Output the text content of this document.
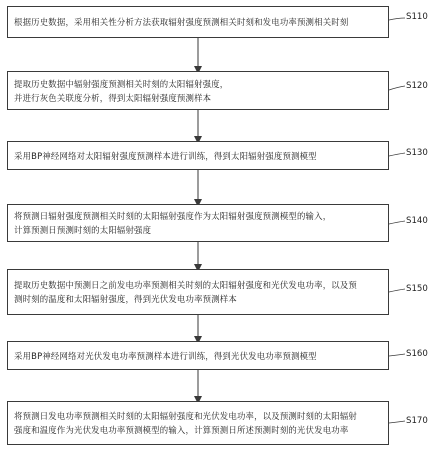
根据历史数据，采用相关性分析方法获取辐射强度预测相关时刻和发电功率预测相关时刻	S110
提取历史数据中辐射强度预测相关时刻的太阳辐射强度，
并进行灰色关联度分析，得到太阳辐射强度预测样本
S120
采用BP神经网络对太阳辐射强度预测样本进行训练，得到太阳辐射强度预测模型	S130
将预测日辐射强度预测相关时刻的太阳辐射强度作为太阳辐射强度预测模型的输入，
计算预测日预测时刻的太阳辐射强度
S140
提取历史数据中预测日之前发电功率预测相关时刻的太阳辐射强度和光伏发电功率，以及预
测时刻的温度和太阳辐射强度，得到光伏发电功率预测样本
S150
采用BP神经网络对光伏发电功率预测样本进行训练，得到光伏发电功率预测模型	S160
将预测日发电功率预测相关时刻的太阳辐射强度和光伏发电功率，以及预测时刻的太阳辐射
强度和温度作为光伏发电功率预测模型的输入，计算预测日所述预测时刻的光伏发电功率
S170
